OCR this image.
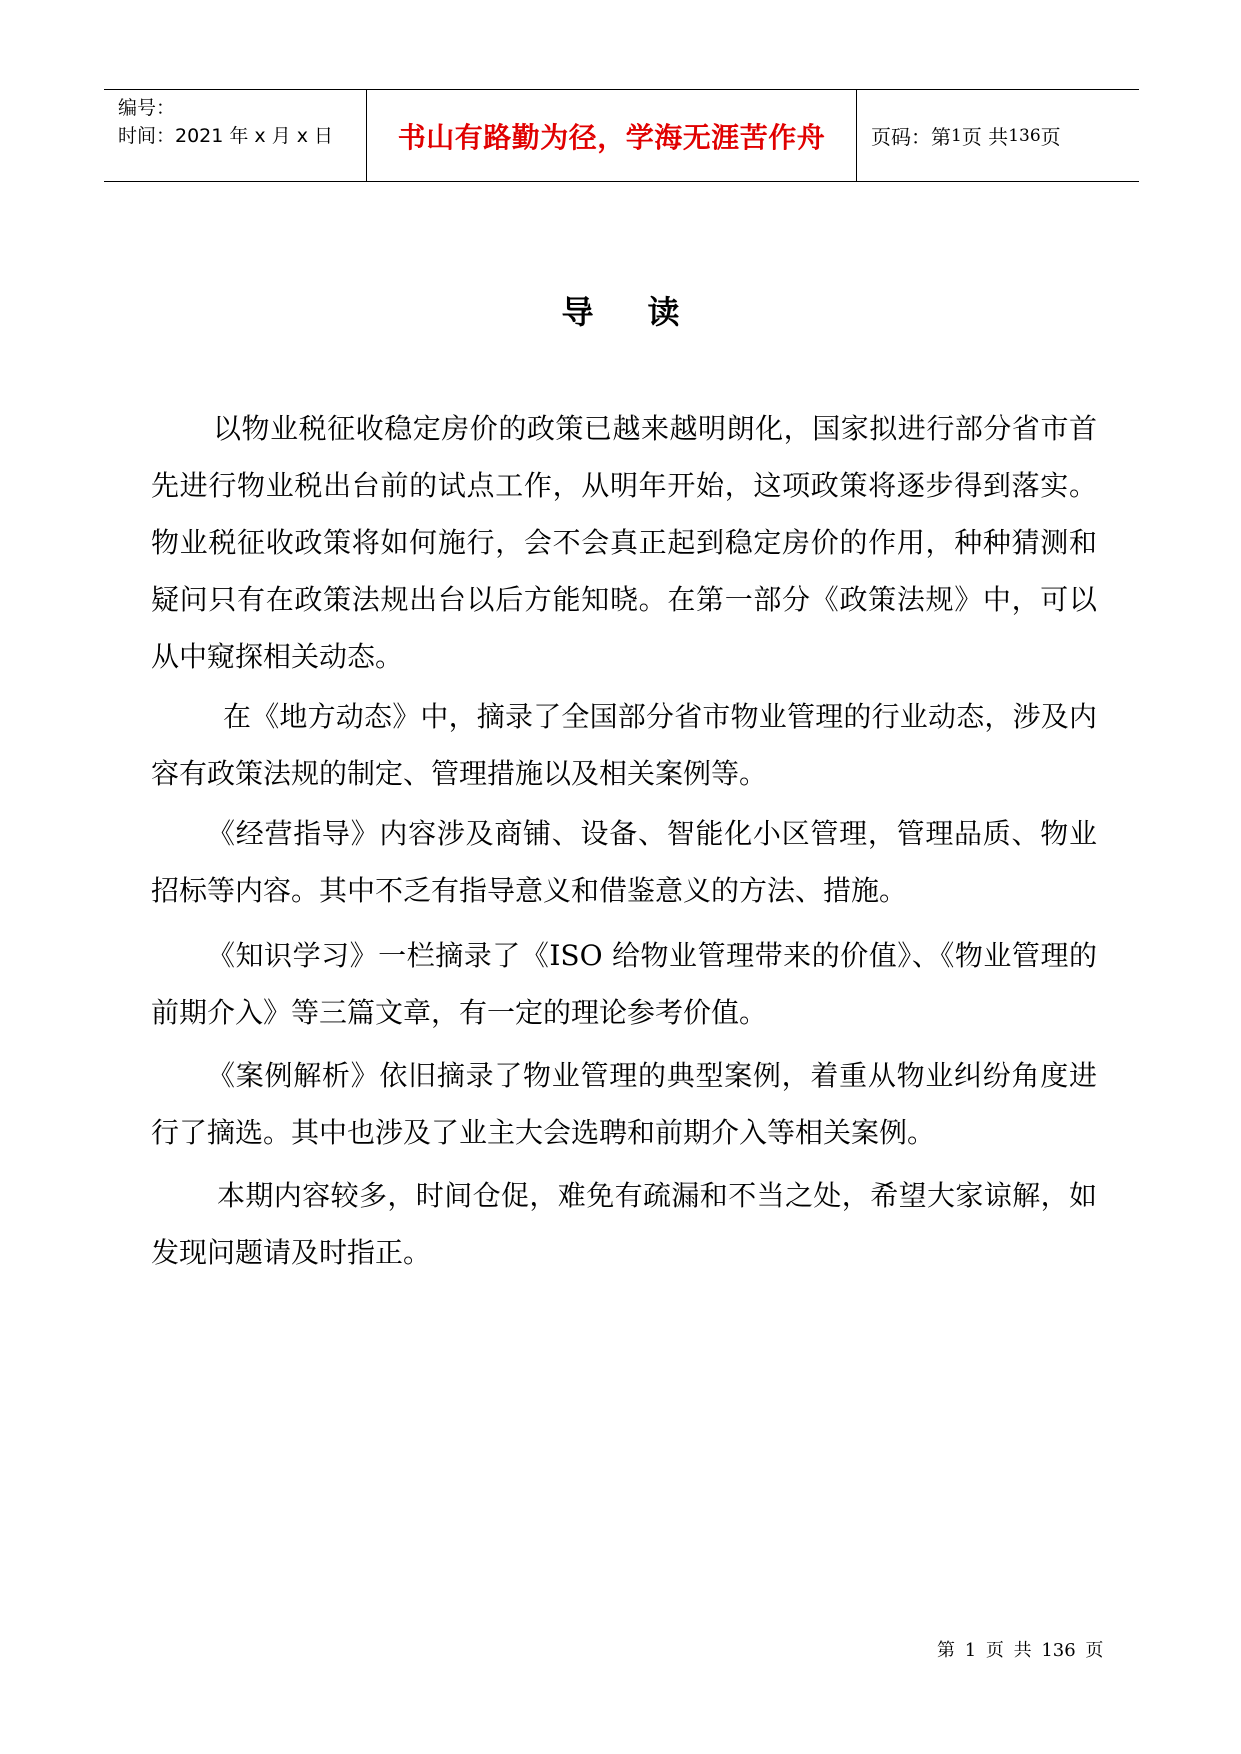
编号：
时间：2021 年 x 月 x 日	书山有路勤为径，学海无涯苦作舟 页码：第 1 页 共 136 页
导读

以物业税征收稳定房价的政策已越来越明朗化，国家拟进行部分省市首先进行物业税出台前的试点工作，从明年开始，这项政策将逐步得到落实。物业税征收政策将如何施行，会不会真正起到稳定房价的作用，种种猜测和疑问只有在政策法规出台以后方能知晓。在第一部分《政策法规》中，可以从中窥探相关动态。

在《地方动态》中，摘录了全国部分省市物业管理的行业动态，涉及内容有政策法规的制定、管理措施以及相关案例等。

《经营指导》内容涉及商铺、设备、智能化小区管理，管理品质、物业招标等内容。其中不乏有指导意义和借鉴意义的方法、措施。

《知识学习》一栏摘录了《ISO 给物业管理带来的价值》、《物业管理的前期介入》等三篇文章，有一定的理论参考价值。

《案例解析》依旧摘录了物业管理的典型案例，着重从物业纠纷角度进行了摘选。其中也涉及了业主大会选聘和前期介入等相关案例。

本期内容较多，时间仓促，难免有疏漏和不当之处，希望大家谅解，如发现问题请及时指正。

第 1 页 共 136 页
